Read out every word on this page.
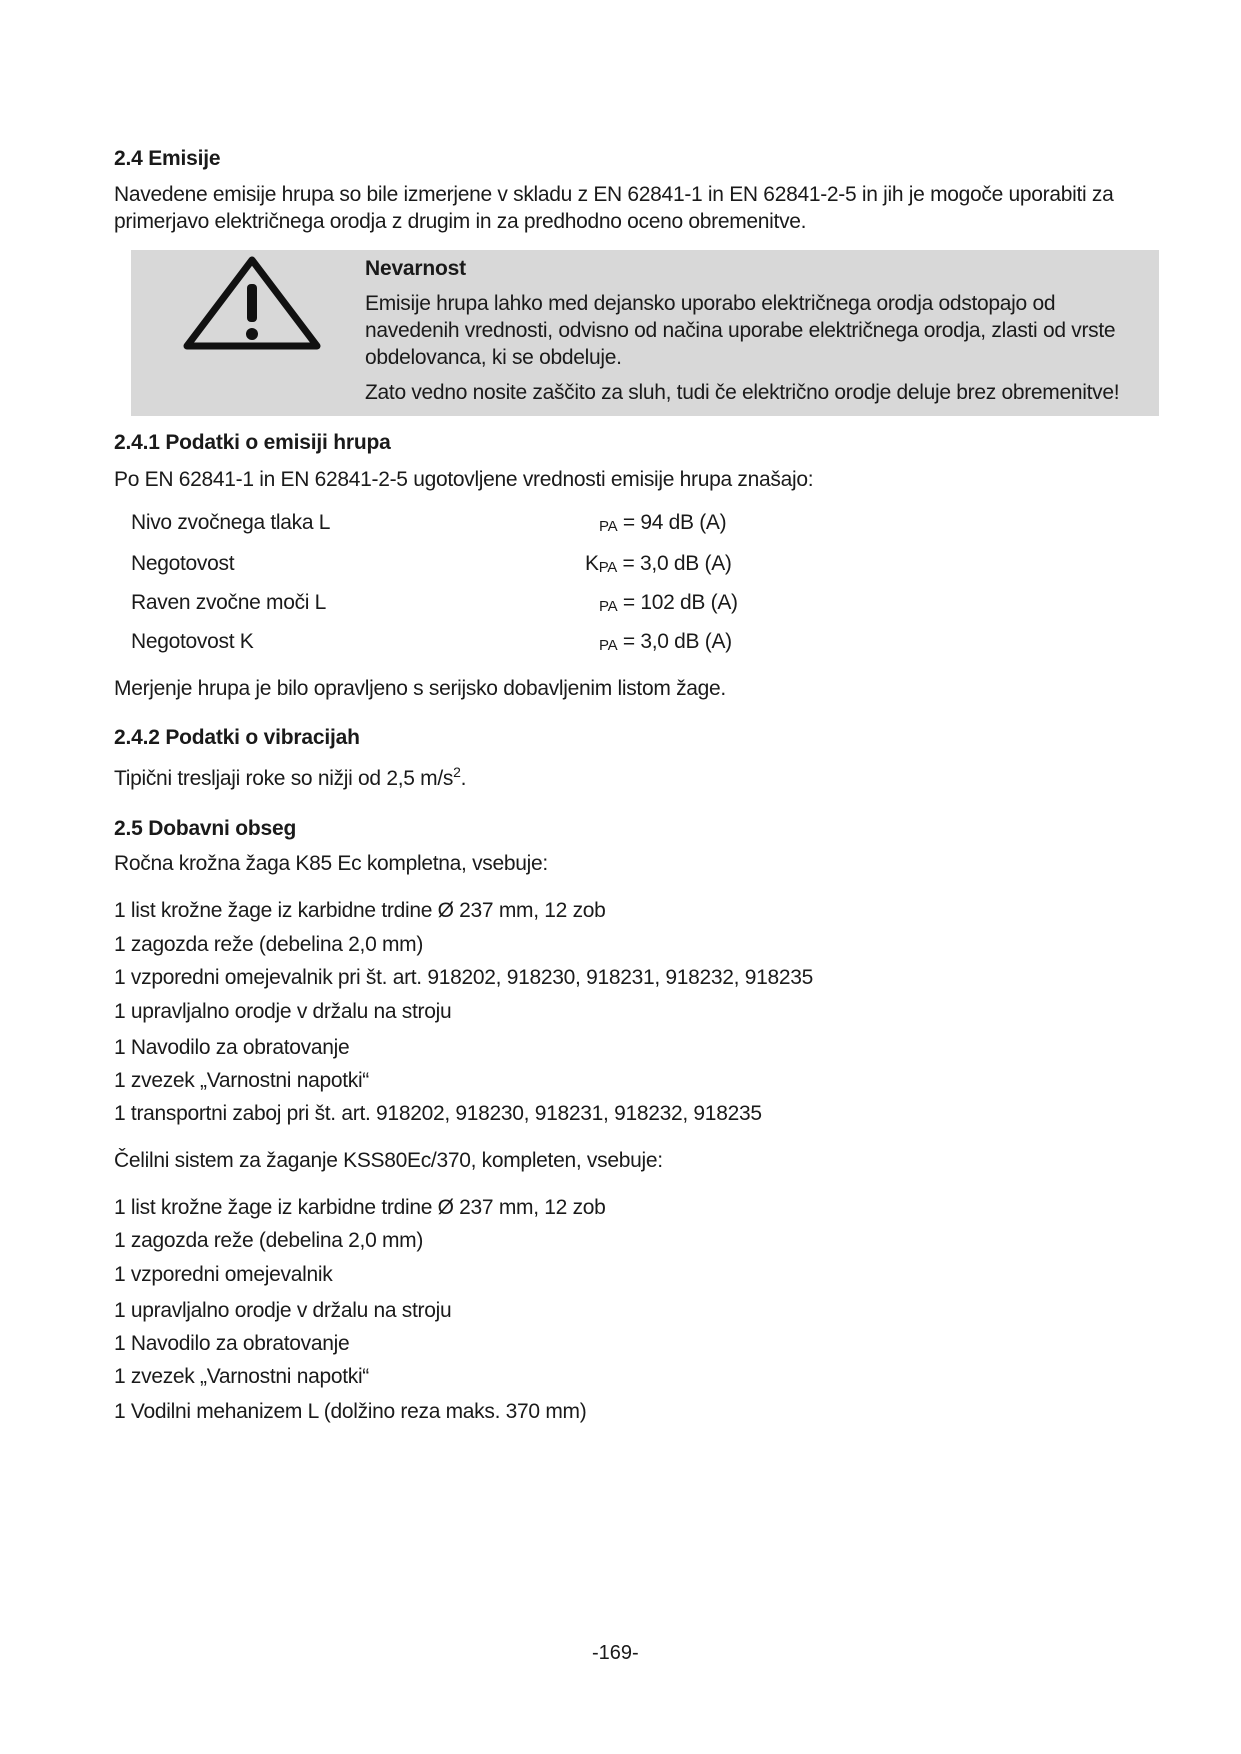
2.4 Emisije
Navedene emisije hrupa so bile izmerjene v skladu z EN 62841-1 in EN 62841-2-5 in jih je mogoče uporabiti za
primerjavo električnega orodja z drugim in za predhodno oceno obremenitve.
Nevarnost
Emisije hrupa lahko med dejansko uporabo električnega orodja odstopajo od
navedenih vrednosti, odvisno od načina uporabe električnega orodja, zlasti od vrste
obdelovanca, ki se obdeluje.
Zato vedno nosite zaščito za sluh, tudi če električno orodje deluje brez obremenitve!
2.4.1 Podatki o emisiji hrupa
Po EN 62841-1 in EN 62841-2-5 ugotovljene vrednosti emisije hrupa znašajo:
Nivo zvočnega tlaka L	PA = 94 dB (A)
Negotovost	KPA = 3,0 dB (A)
Raven zvočne moči L	PA = 102 dB (A)
Negotovost K	PA = 3,0 dB (A)
Merjenje hrupa je bilo opravljeno s serijsko dobavljenim listom žage.
2.4.2 Podatki o vibracijah
Tipični tresljaji roke so nižji od 2,5 $m/s^2$.
2.5 Dobavni obseg
Ročna krožna žaga K85 Ec kompletna, vsebuje:
1 list krožne žage iz karbidne trdine Ø 237 mm, 12 zob
1 zagozda reže (debelina 2,0 mm)
1 vzporedni omejevalnik pri št. art. 918202, 918230, 918231, 918232, 918235
1 upravljalno orodje v držalu na stroju
1 Navodilo za obratovanje
1 zvezek „Varnostni napotki“
1 transportni zaboj pri št. art. 918202, 918230, 918231, 918232, 918235
Čelilni sistem za žaganje KSS80Ec/370, kompleten, vsebuje:
1 list krožne žage iz karbidne trdine Ø 237 mm, 12 zob
1 zagozda reže (debelina 2,0 mm)
1 vzporedni omejevalnik
1 upravljalno orodje v držalu na stroju
1 Navodilo za obratovanje
1 zvezek „Varnostni napotki“
1 Vodilni mehanizem L (dolžino reza maks. 370 mm)
-169-
